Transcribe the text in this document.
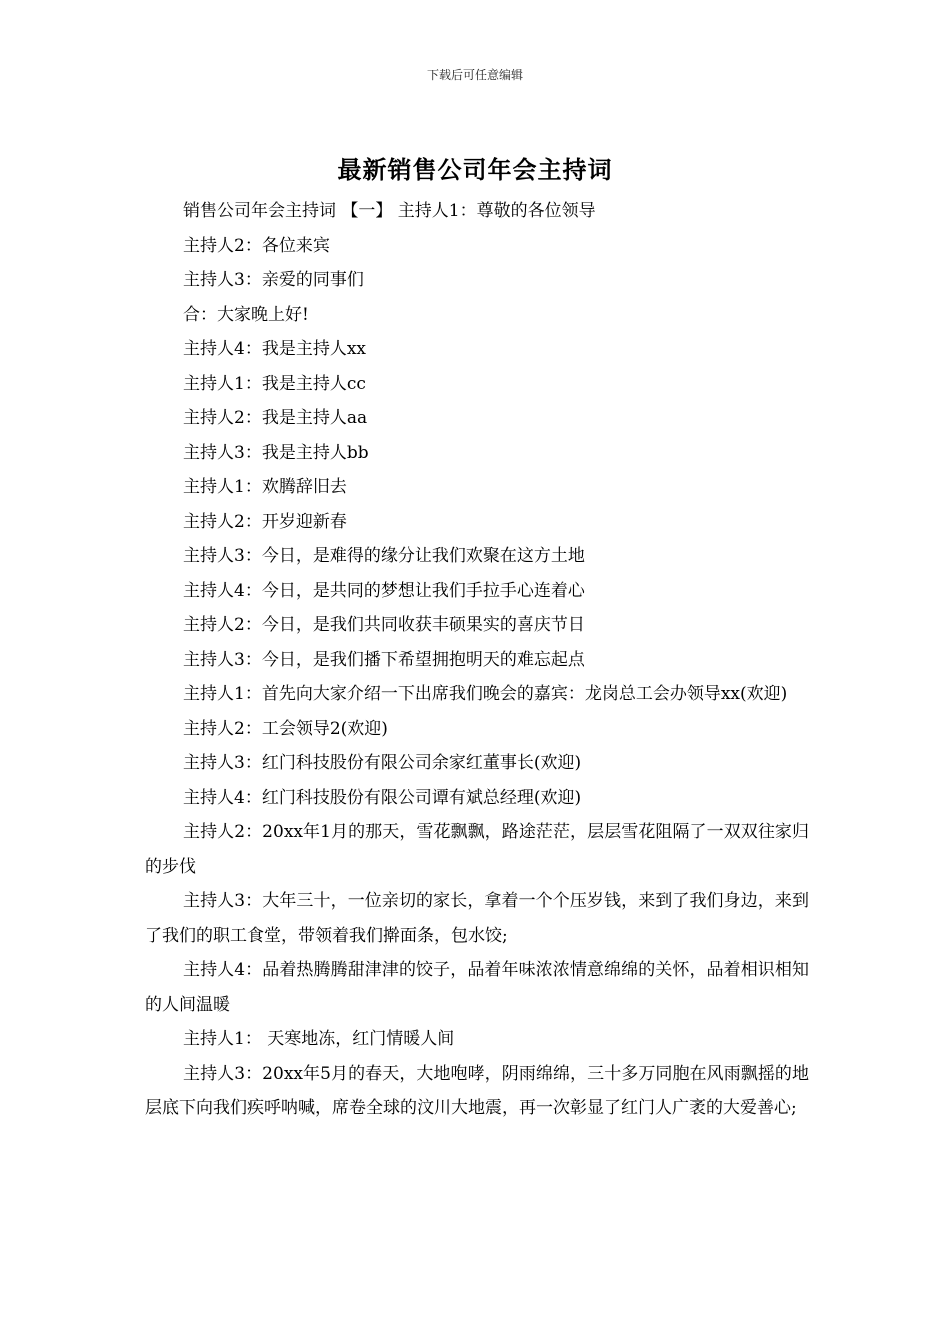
下载后可任意编辑
最新销售公司年会主持词

销售公司年会主持词 【一】 主持人1：尊敬的各位领导

主持人2：各位来宾

主持人3：亲爱的同事们

合：大家晚上好!

主持人4：我是主持人xx

主持人1：我是主持人cc

主持人2：我是主持人aa

主持人3：我是主持人bb

主持人1：欢腾辞旧去

主持人2：开岁迎新春

主持人3：今日，是难得的缘分让我们欢聚在这方土地

主持人4：今日，是共同的梦想让我们手拉手心连着心

主持人2：今日，是我们共同收获丰硕果实的喜庆节日

主持人3：今日，是我们播下希望拥抱明天的难忘起点

主持人1：首先向大家介绍一下出席我们晚会的嘉宾：龙岗总工会办领导xx(欢迎)

主持人2：工会领导2(欢迎)

主持人3：红门科技股份有限公司余家红董事长(欢迎)

主持人4：红门科技股份有限公司谭有斌总经理(欢迎)

主持人2：20xx年1月的那天，雪花飘飘，路途茫茫，层层雪花阻隔了一双双往家归的步伐

主持人3：大年三十，一位亲切的家长，拿着一个个压岁钱，来到了我们身边，来到了我们的职工食堂，带领着我们擀面条，包水饺;

主持人4：品着热腾腾甜津津的饺子，品着年味浓浓情意绵绵的关怀，品着相识相知的人间温暖

主持人1： 天寒地冻，红门情暖人间

主持人3：20xx年5月的春天，大地咆哮，阴雨绵绵，三十多万同胞在风雨飘摇的地层底下向我们疾呼呐喊，席卷全球的汶川大地震，再一次彰显了红门人广袤的大爱善心;
